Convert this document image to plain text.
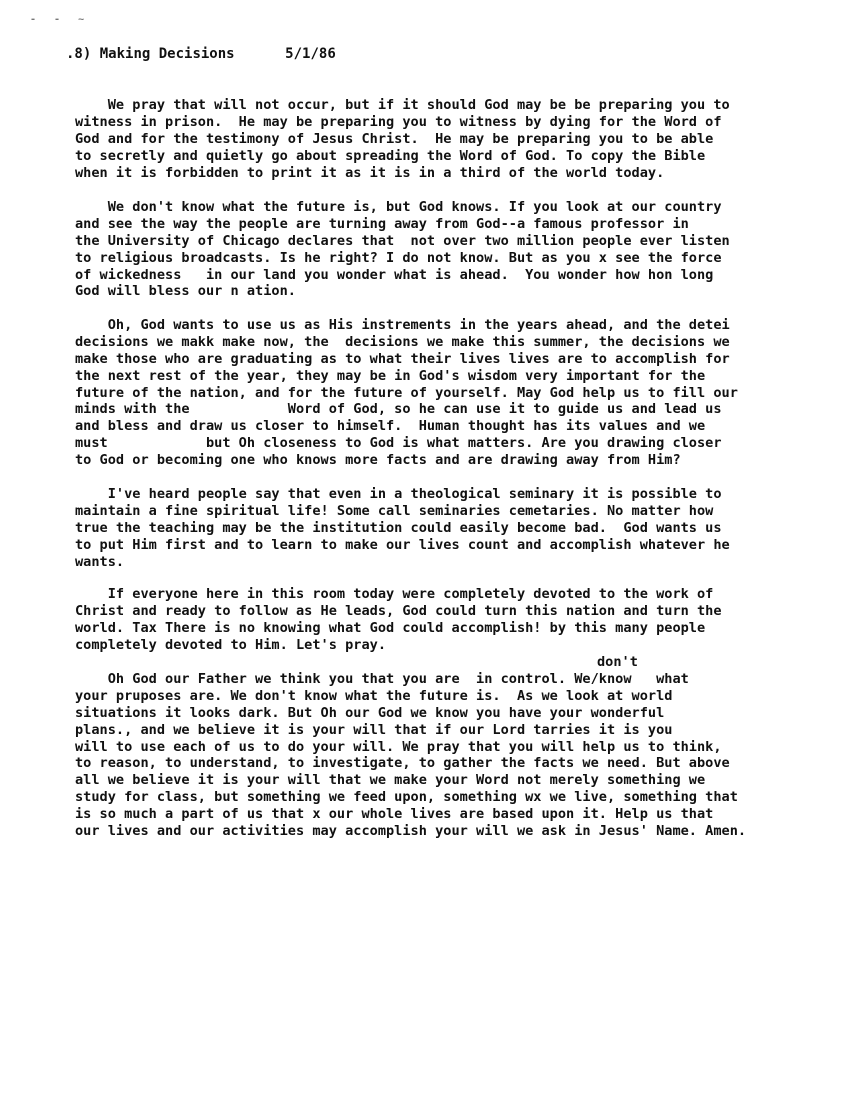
- - ~
.8) Making Decisions	5/1/86
We pray that will not occur, but if it should God may be be preparing you to
witness in prison.  He may be preparing you to witness by dying for the Word of
God and for the testimony of Jesus Christ.  He may be preparing you to be able
to secretly and quietly go about spreading the Word of God. To copy the Bible
when it is forbidden to print it as it is in a third of the world today.
We don't know what the future is, but God knows. If you look at our country
and see the way the people are turning away from God--a famous professor in
the University of Chicago declares that  not over two million people ever listen
to religious broadcasts. Is he right? I do not know. But as you x see the force
of wickedness   in our land you wonder what is ahead.  You wonder how hon long
God will bless our n ation.
Oh, God wants to use us as His instrements in the years ahead, and the detei
decisions we makk make now, the  decisions we make this summer, the decisions we
make those who are graduating as to what their lives lives are to accomplish for
the next rest of the year, they may be in God's wisdom very important for the
future of the nation, and for the future of yourself. May God help us to fill our
minds with the            Word of God, so he can use it to guide us and lead us
and bless and draw us closer to himself.  Human thought has its values and we
must            but Oh closeness to God is what matters. Are you drawing closer
to God or becoming one who knows more facts and are drawing away from Him?
I've heard people say that even in a theological seminary it is possible to
maintain a fine spiritual life! Some call seminaries cemetaries. No matter how
true the teaching may be the institution could easily become bad.  God wants us
to put Him first and to learn to make our lives count and accomplish whatever he
wants.
If everyone here in this room today were completely devoted to the work of
Christ and ready to follow as He leads, God could turn this nation and turn the
world. Tax There is no knowing what God could accomplish! by this many people
completely devoted to Him. Let's pray.
Oh God our Father we think you that you are  in control. We/know   what
your pruposes are. We don't know what the future is.  As we look at world
situations it looks dark. But Oh our God we know you have your wonderful
plans., and we believe it is your will that if our Lord tarries it is you
will to use each of us to do your will. We pray that you will help us to think,
to reason, to understand, to investigate, to gather the facts we need. But above
all we believe it is your will that we make your Word not merely something we
study for class, but something we feed upon, something wx we live, something that
is so much a part of us that x our whole lives are based upon it. Help us that
our lives and our activities may accomplish your will we ask in Jesus' Name. Amen.
don't
